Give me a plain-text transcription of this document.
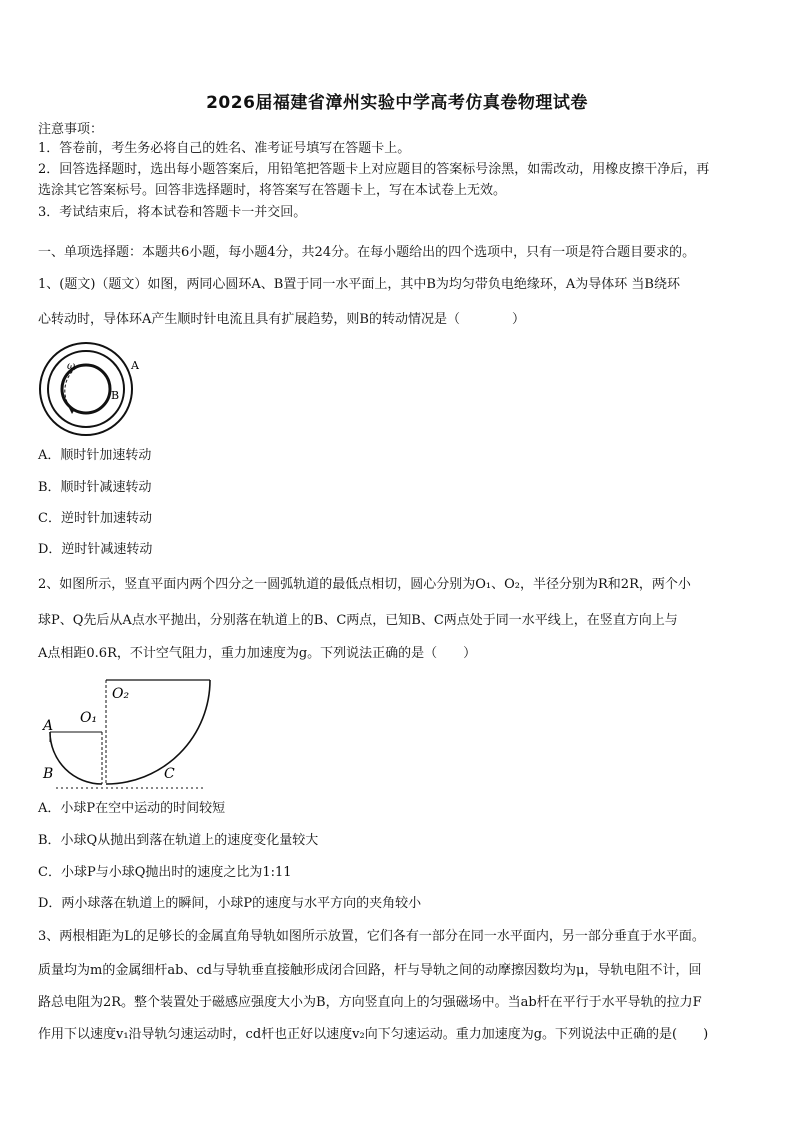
2026届福建省漳州实验中学高考仿真卷物理试卷
注意事项：
1．答卷前，考生务必将自己的姓名、准考证号填写在答题卡上。
2．回答选择题时，选出每小题答案后，用铅笔把答题卡上对应题目的答案标号涂黑，如需改动，用橡皮擦干净后，再
选涂其它答案标号。回答非选择题时，将答案写在答题卡上，写在本试卷上无效。
3．考试结束后，将本试卷和答题卡一并交回。
一、单项选择题：本题共6小题，每小题4分，共24分。在每小题给出的四个选项中，只有一项是符合题目要求的。
1、(题文)（题文）如图，两同心圆环A、B置于同一水平面上，其中B为均匀带负电绝缘环，A为导体环 当B绕环
心转动时，导体环A产生顺时针电流且具有扩展趋势，则B的转动情况是（　　　　）
ω	A
B
A．顺时针加速转动
B．顺时针减速转动
C．逆时针加速转动
D．逆时针减速转动
2、如图所示，竖直平面内两个四分之一圆弧轨道的最低点相切，圆心分别为O₁、O₂，半径分别为R和2R，两个小
球P、Q先后从A点水平抛出，分别落在轨道上的B、C两点，已知B、C两点处于同一水平线上，在竖直方向上与
A点相距0.6R，不计空气阻力，重力加速度为g。下列说法正确的是（　　）
O₂
O₁
A
B	C
A．小球P在空中运动的时间较短
B．小球Q从抛出到落在轨道上的速度变化量较大
C．小球P与小球Q抛出时的速度之比为1:11
D．两小球落在轨道上的瞬间，小球P的速度与水平方向的夹角较小
3、两根相距为L的足够长的金属直角导轨如图所示放置，它们各有一部分在同一水平面内，另一部分垂直于水平面。
质量均为m的金属细杆ab、cd与导轨垂直接触形成闭合回路，杆与导轨之间的动摩擦因数均为μ，导轨电阻不计，回
路总电阻为2R。整个装置处于磁感应强度大小为B，方向竖直向上的匀强磁场中。当ab杆在平行于水平导轨的拉力F
作用下以速度v₁沿导轨匀速运动时，cd杆也正好以速度v₂向下匀速运动。重力加速度为g。下列说法中正确的是(　　)
